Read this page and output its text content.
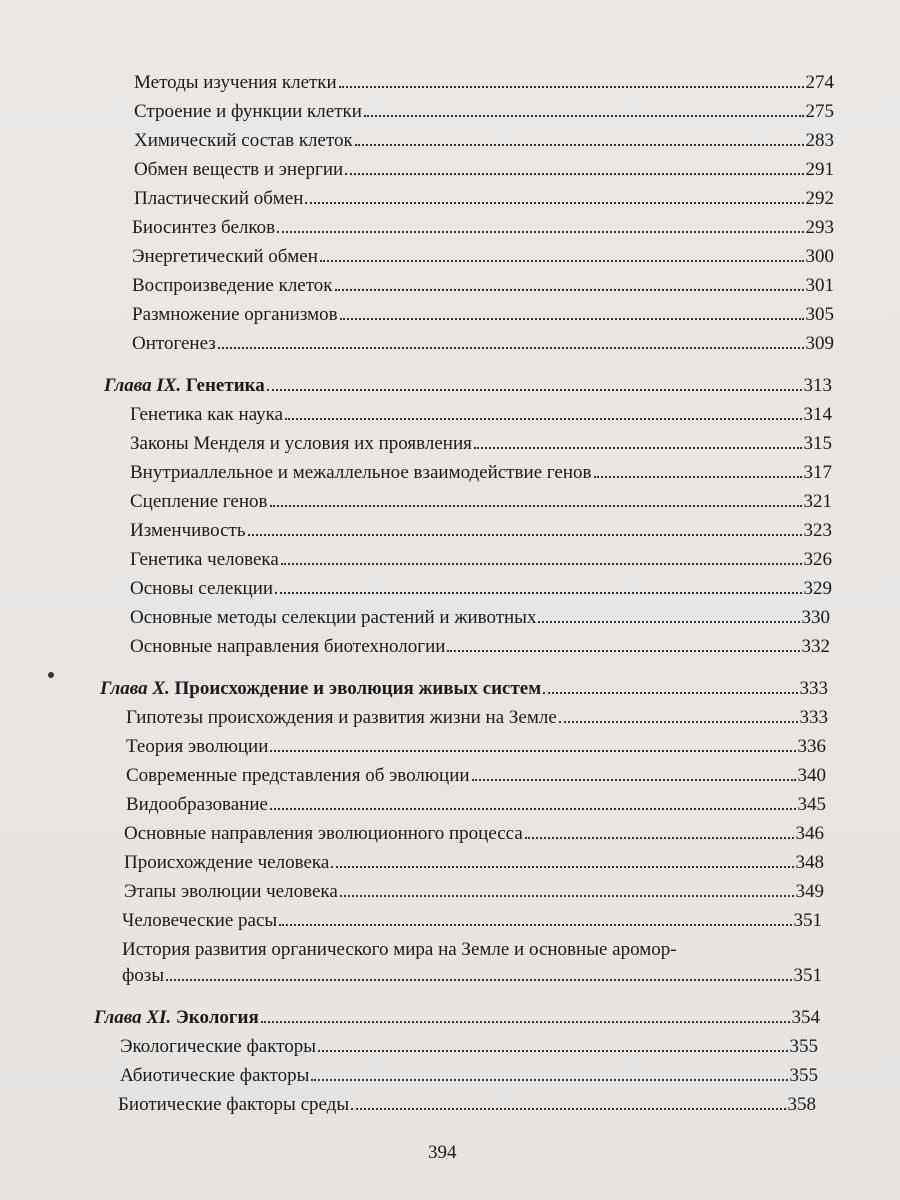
Методы изучения клетки	274
Строение и функции клетки	275
Химический состав клеток	283
Обмен веществ и энергии	291
Пластический обмен	292
Биосинтез белков	293
Энергетический обмен	300
Воспроизведение клеток	301
Размножение организмов	305
Онтогенез	309
Глава IX. Генетика	313
Генетика как наука	314
Законы Менделя и условия их проявления	315
Внутриаллельное и межаллельное взаимодействие генов	317
Сцепление генов	321
Изменчивость	323
Генетика человека	326
Основы селекции	329
Основные методы селекции растений и животных	330
Основные направления биотехнологии	332
Глава X. Происхождение и эволюция живых систем	333
Гипотезы происхождения и развития жизни на Земле	333
Теория эволюции	336
Современные представления об эволюции	340
Видообразование	345
Основные направления эволюционного процесса	346
Происхождение человека	348
Этапы эволюции человека	349
Человеческие расы	351
История развития органического мира на Земле и основные аромор-
фозы	351
Глава XI. Экология	354
Экологические факторы	355
Абиотические факторы	355
Биотические факторы среды	358
394
